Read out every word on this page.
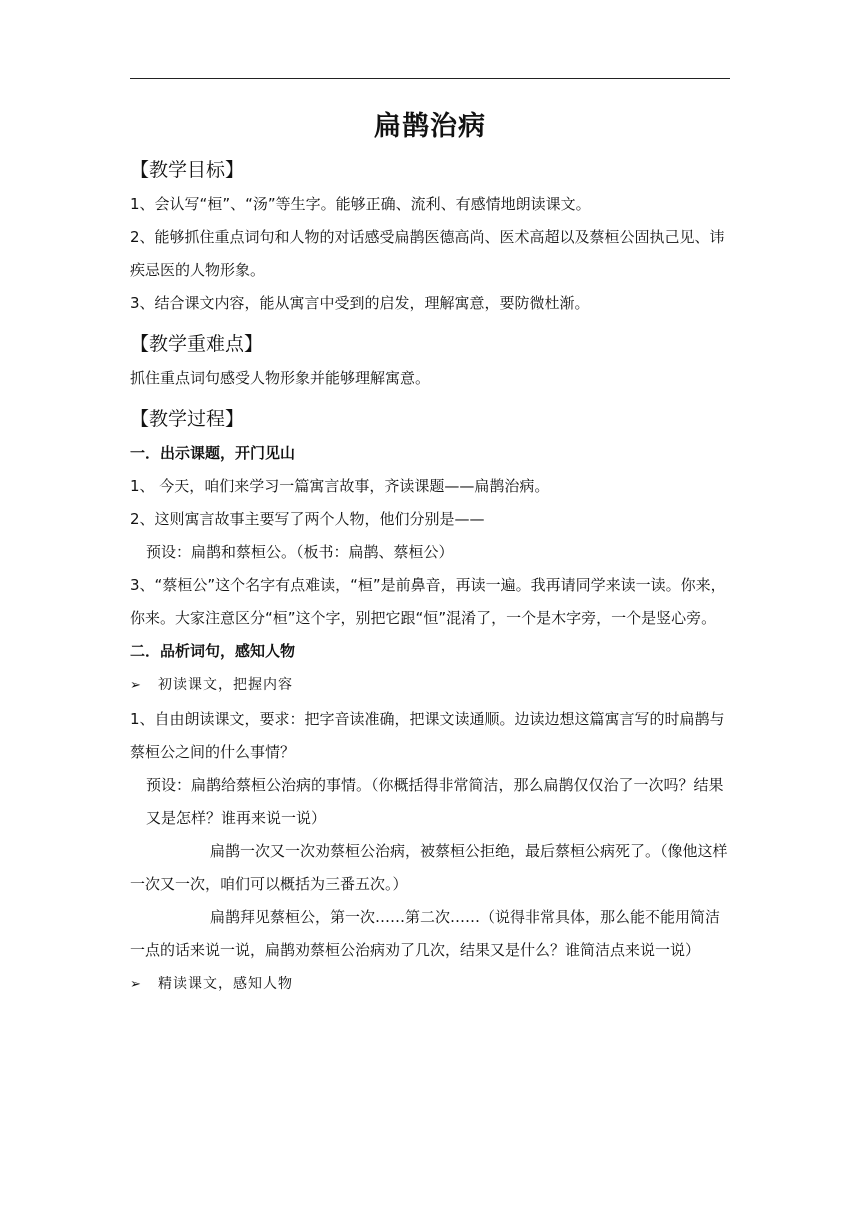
扁鹊治病
【教学目标】

1、会认写“桓”、“汤”等生字。能够正确、流利、有感情地朗读课文。

2、能够抓住重点词句和人物的对话感受扁鹊医德高尚、医术高超以及蔡桓公固执己见、讳疾忌医的人物形象。

3、结合课文内容，能从寓言中受到的启发，理解寓意，要防微杜渐。

【教学重难点】

抓住重点词句感受人物形象并能够理解寓意。

【教学过程】

一．出示课题，开门见山

1、 今天，咱们来学习一篇寓言故事，齐读课题——扁鹊治病。

2、这则寓言故事主要写了两个人物，他们分别是——

预设：扁鹊和蔡桓公。（板书：扁鹊、蔡桓公）

3、“蔡桓公”这个名字有点难读，“桓”是前鼻音，再读一遍。我再请同学来读一读。你来，你来。大家注意区分“桓”这个字，别把它跟“恒”混淆了，一个是木字旁，一个是竖心旁。

二．品析词句，感知人物

➢ 初读课文，把握内容

1、自由朗读课文，要求：把字音读准确，把课文读通顺。边读边想这篇寓言写的时扁鹊与蔡桓公之间的什么事情？

预设：扁鹊给蔡桓公治病的事情。（你概括得非常简洁，那么扁鹊仅仅治了一次吗？结果又是怎样？谁再来说一说）

扁鹊一次又一次劝蔡桓公治病，被蔡桓公拒绝，最后蔡桓公病死了。（像他这样一次又一次，咱们可以概括为三番五次。）

扁鹊拜见蔡桓公，第一次……第二次……（说得非常具体，那么能不能用简洁一点的话来说一说，扁鹊劝蔡桓公治病劝了几次，结果又是什么？谁简洁点来说一说）

➢ 精读课文，感知人物
